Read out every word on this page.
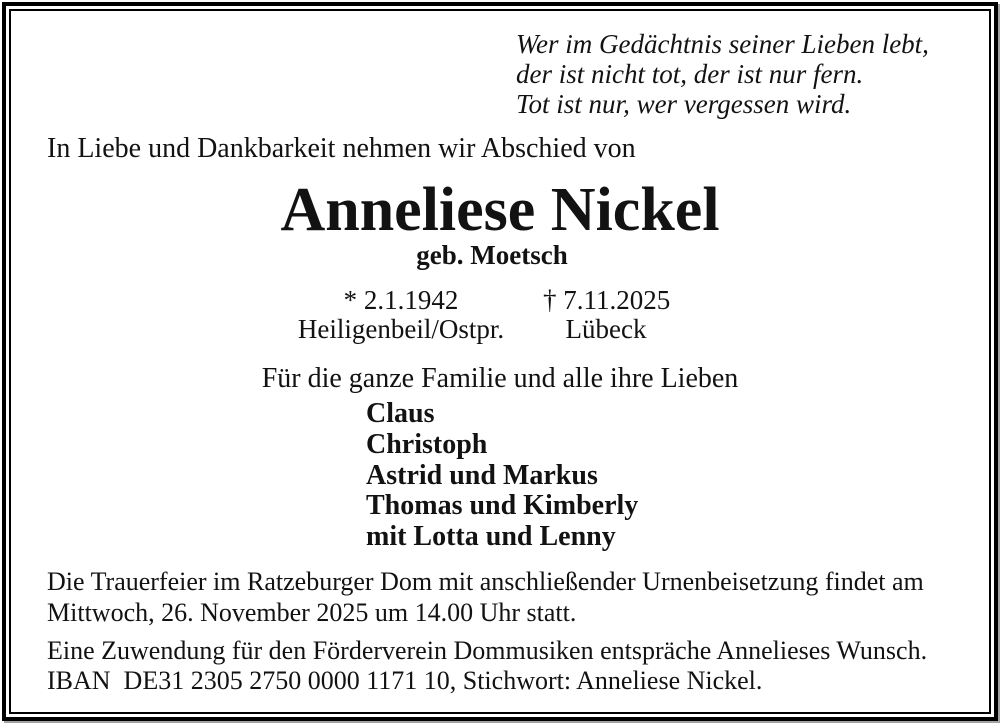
Wer im Gedächtnis seiner Lieben lebt,
der ist nicht tot, der ist nur fern.
Tot ist nur, wer vergessen wird.
In Liebe und Dankbarkeit nehmen wir Abschied von
Anneliese Nickel
geb. Moetsch
* 2.1.1942
Heiligenbeil/Ostpr.
† 7.11.2025
Lübeck
Für die ganze Familie und alle ihre Lieben
Claus
Christoph
Astrid und Markus
Thomas und Kimberly
mit Lotta und Lenny
Die Trauerfeier im Ratzeburger Dom mit anschließender Urnenbeisetzung findet am
Mittwoch, 26. November 2025 um 14.00 Uhr statt.
Eine Zuwendung für den Förderverein Dommusiken entspräche Annelieses Wunsch.
IBAN  DE31 2305 2750 0000 1171 10, Stichwort: Anneliese Nickel.
